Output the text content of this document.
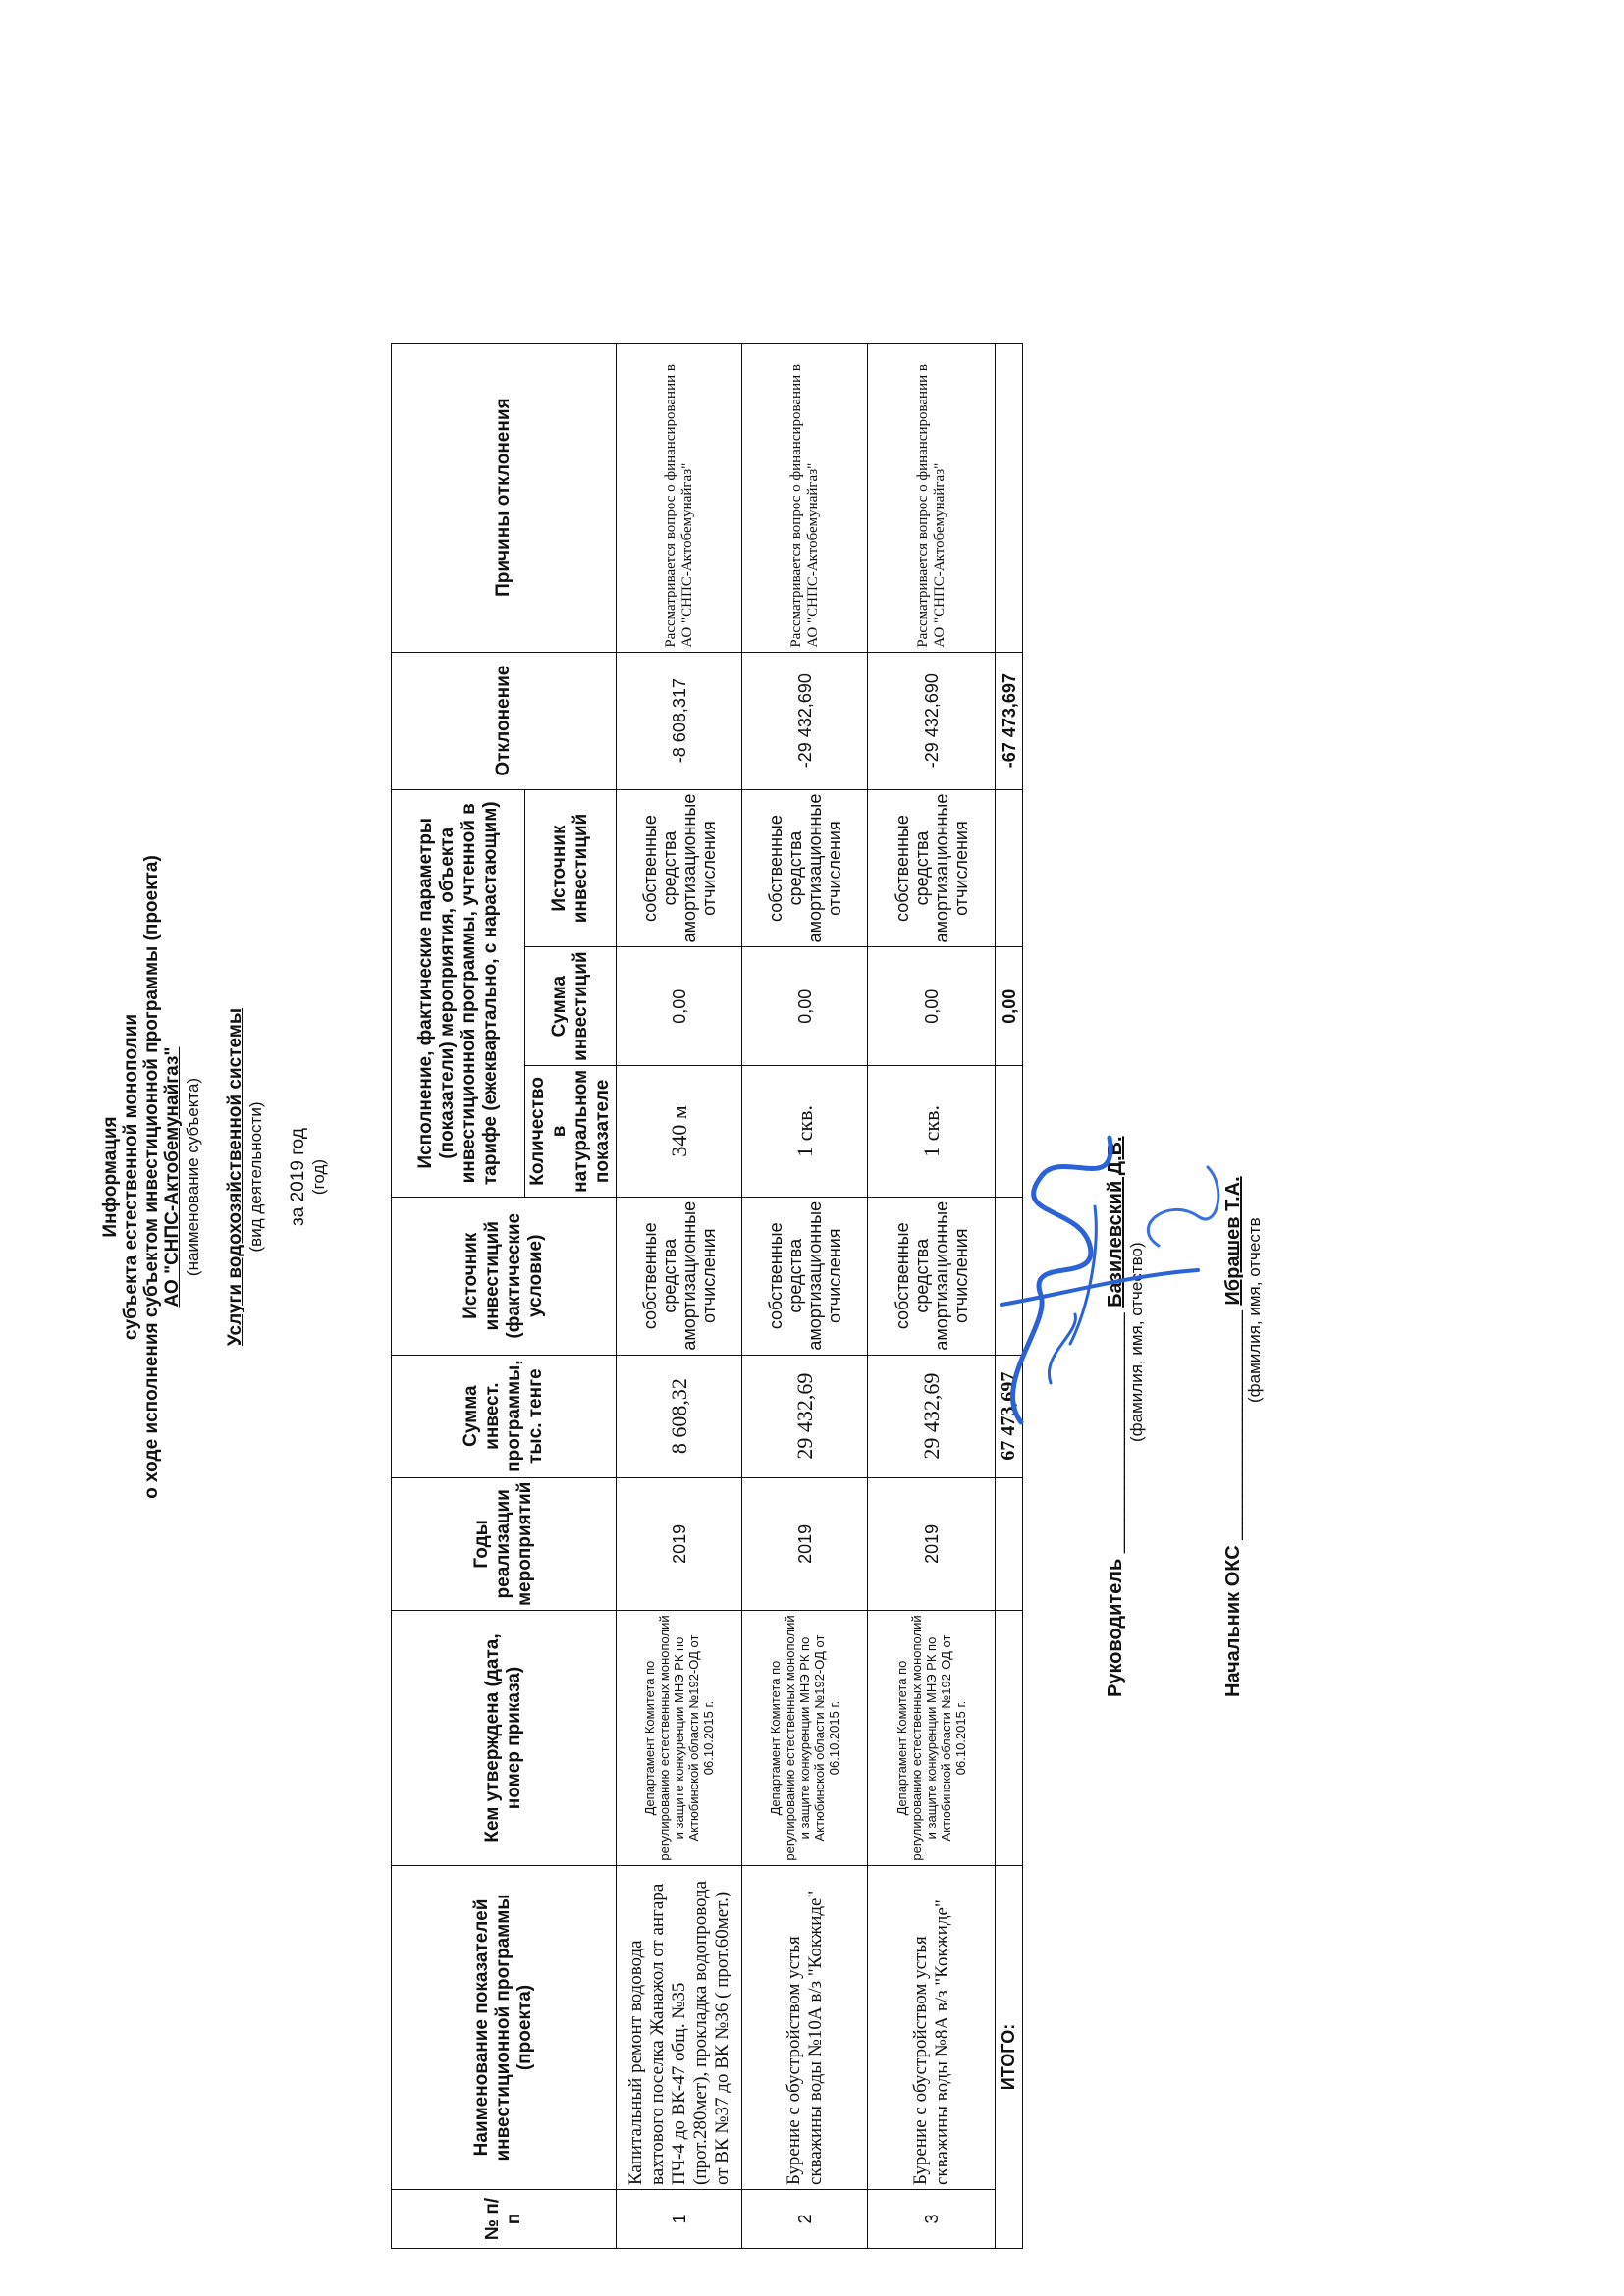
Информация субъекта естественной монополии о ходе исполнения субъектом инвестиционной программы (проекта) АО "СНПС-Актобемунайгаз" (наименование субъекта) Услуги водохозяйственной системы (вид деятельности) за 2019 год (год)
№ п/п	Наименование показателей инвестиционной программы (проекта)	Кем утверждена (дата, номер приказа)	Годы реализации мероприятий	Сумма инвест. программы, тыс. тенге	Источник инвестиций (фактические условие)	Исполнение, фактические параметры (показатели) мероприятия, объекта инвестиционной программы, учтенной в тарифе (ежеквартально, с нарастающим)			Отклонение	Причины отклонения
						Количество в натуральном показателе	Сумма инвестиций	Источник инвестиций		
1	Капитальный ремонт водовода вахтового поселка Жанажол от ангара ПЧ-4 до ВК-47 общ. №35 (прот.280мет), прокладка водопровода от ВК №37 до ВК №36 ( прот.60мет.)	Департамент Комитета по регулированию естественных монополий и защите конкуренции МНЭ РК по Актюбинской области №192-ОД от 06.10.2015 г.	2019	8 608,32	собственные средства амортизационные отчисления	340 м	0,00	собственные средства амортизационные отчисления	-8 608,317	Рассматривается вопрос о финансировании в АО "СНПС-Актобемунайгаз"
2	Бурение с обустройством устья скважины воды №10А в/з "Кокжиде"	Департамент Комитета по регулированию естественных монополий и защите конкуренции МНЭ РК по Актюбинской области №192-ОД от 06.10.2015 г.	2019	29 432,69	собственные средства амортизационные отчисления	1 скв.	0,00	собственные средства амортизационные отчисления	-29 432,690	Рассматривается вопрос о финансировании в АО "СНПС-Актобемунайгаз"
3	Бурение с обустройством устья скважины воды №8А в/з "Кокжиде"	Департамент Комитета по регулированию естественных монополий и защите конкуренции МНЭ РК по Актюбинской области №192-ОД от 06.10.2015 г.	2019	29 432,69	собственные средства амортизационные отчисления	1 скв.	0,00	собственные средства амортизационные отчисления	-29 432,690	Рассматривается вопрос о финансировании в АО "СНПС-Актобемунайгаз"
ИТОГО:				67 473,697			0,00		-67 473,697	
Руководитель ______________________ Базилевский Д.В.
(фамилия, имя, отчество)
Начальник ОКС _____________________ Ибрашев Т.А. (фамилия, имя, отчеств
